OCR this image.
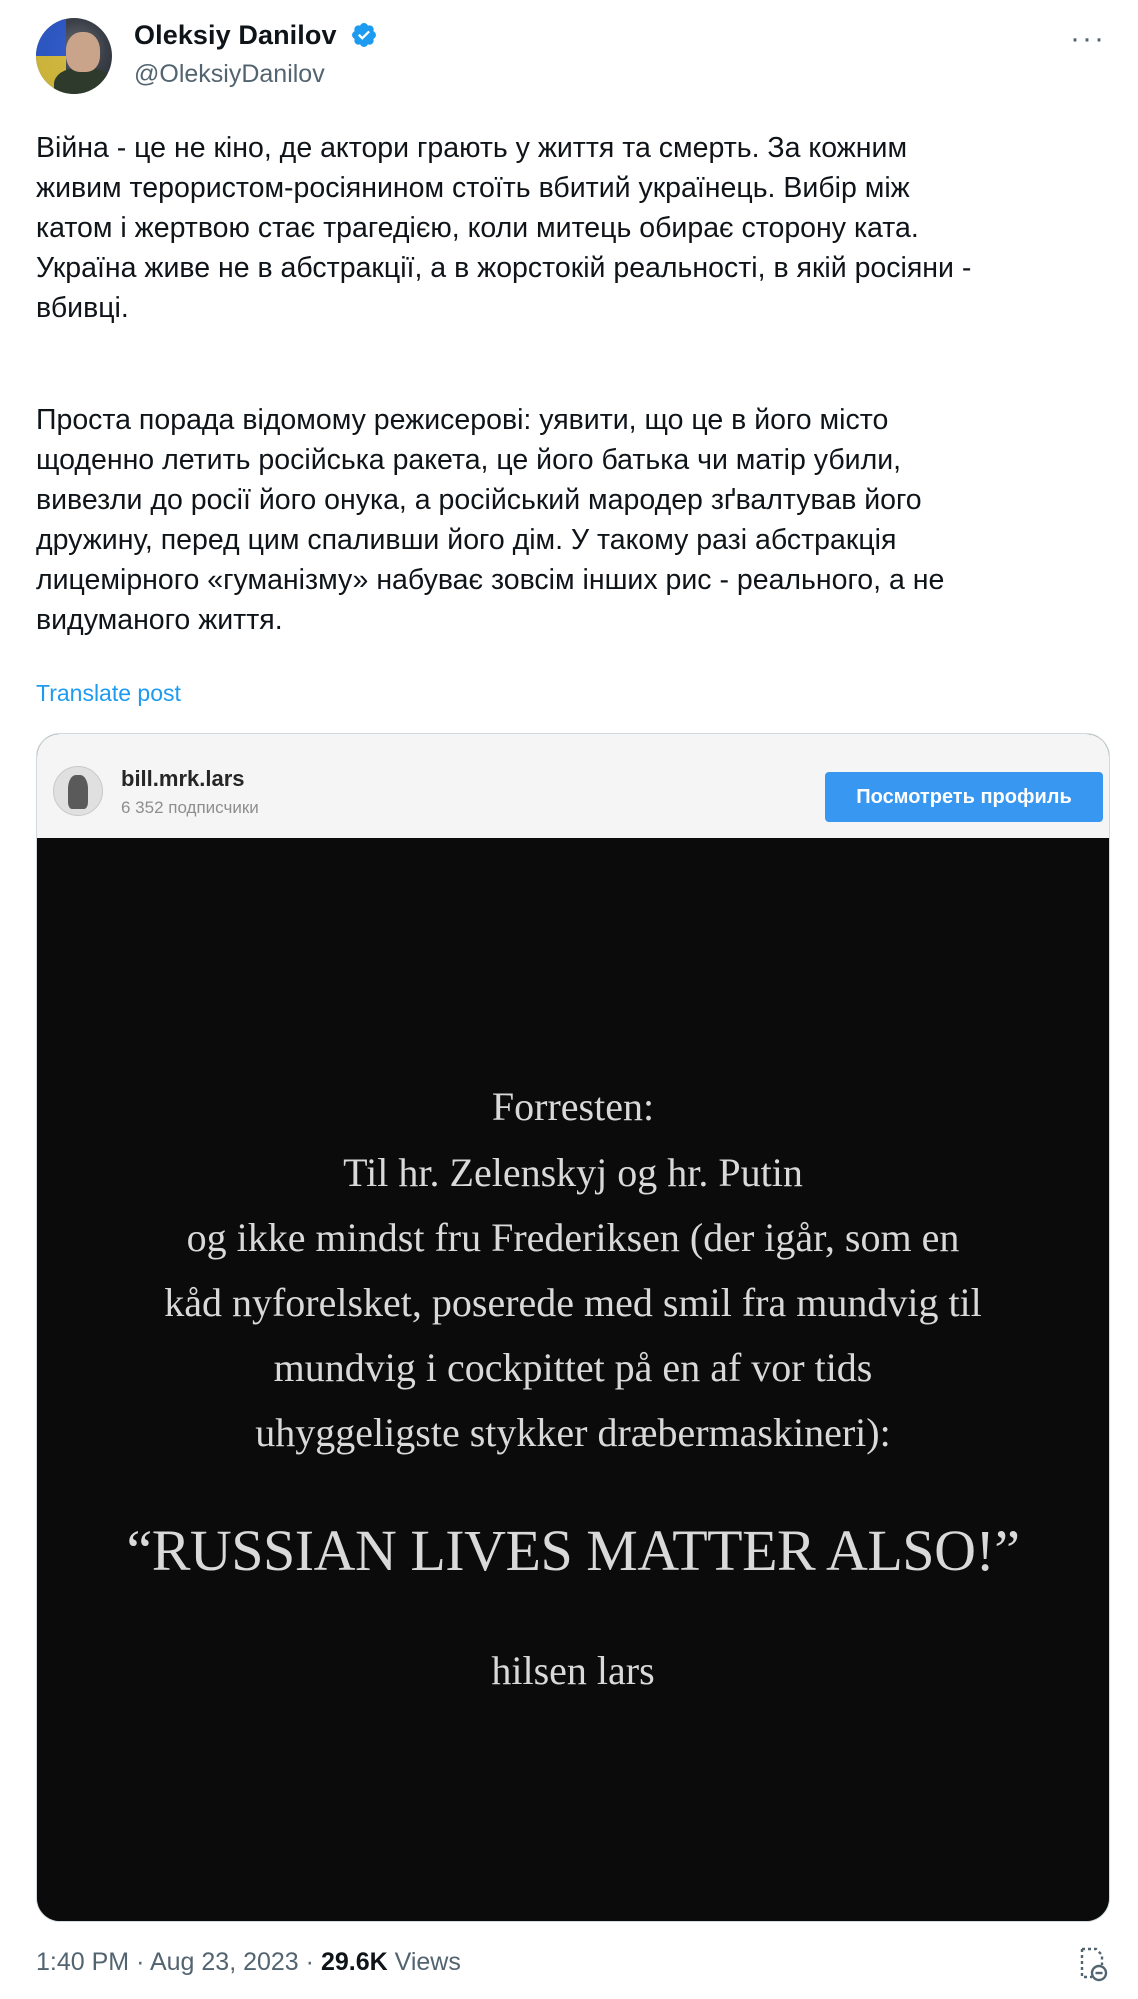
Oleksiy Danilov
@OleksiyDanilov
···
Війна - це не кіно, де актори грають у життя та смерть. За кожним
живим терористом-росіянином стоїть вбитий українець. Вибір між
катом і жертвою стає трагедією, коли митець обирає сторону ката.
Україна живе не в абстракції, а в жорстокій реальності, в якій росіяни -
вбивці.
Проста порада відомому режисерові: уявити, що це в його місто
щоденно летить російська ракета, це його батька чи матір убили,
вивезли до росії його онука, а російський мародер зґвалтував його
дружину, перед цим спаливши його дім. У такому разі абстракція
лицемірного «гуманізму» набуває зовсім інших рис - реального, а не
видуманого життя.
Translate post
bill.mrk.lars
6 352 подписчики	Посмотреть профиль
Forresten:
Til hr. Zelenskyj og hr. Putin
og ikke mindst fru Frederiksen (der igår, som en
kåd nyforelsket, poserede med smil fra mundvig til
mundvig i cockpittet på en af vor tids
uhyggeligste stykker dræbermaskineri):
“RUSSIAN LIVES MATTER ALSO!”
hilsen lars
1:40 PM · Aug 23, 2023 · 29.6K Views
